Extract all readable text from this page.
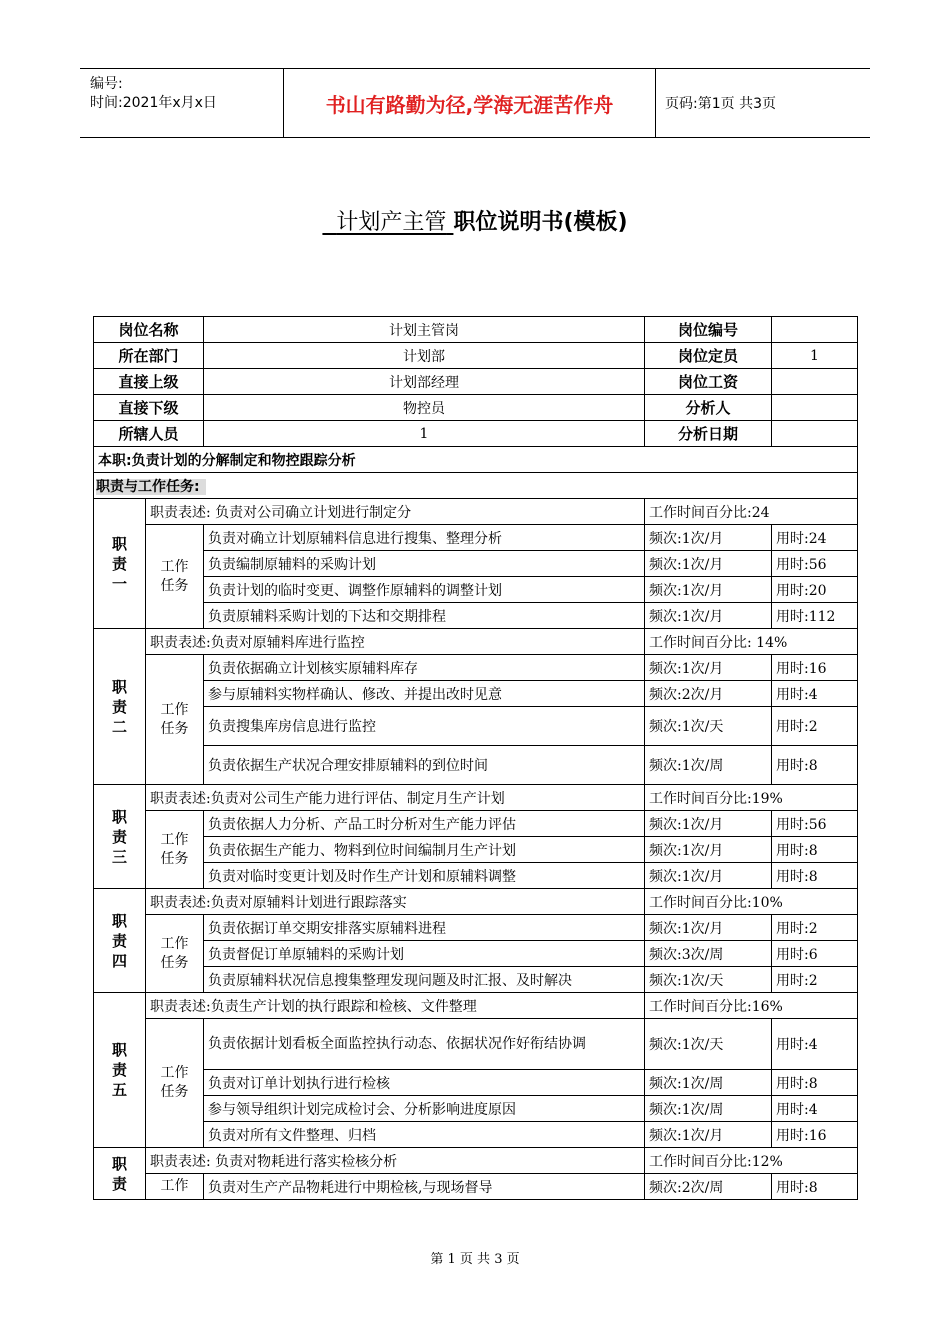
编号:
时间:2021年x月x日	书山有路勤为径,学海无涯苦作舟	页码:第1页 共3页
计划产主管 职位说明书(模板)
岗位名称		计划主管岗	岗位编号	
所在部门		计划部	岗位定员	1
直接上级		计划部经理	岗位工资	
直接下级		物控员	分析人	
所辖人员		1	分析日期	
本职:负责计划的分解制定和物控跟踪分析				
职责与工作任务:				

职
责
一	职责表述: 负责对公司确立计划进行制定分		工作时间百分比:24	

	工作
任务	负责对确立计划原辅料信息进行搜集、整理分析	频次:1次/月	用时:24
		负责编制原辅料的采购计划	频次:1次/月	用时:56
		负责计划的临时变更、调整作原辅料的调整计划	频次:1次/月	用时:20
		负责原辅料采购计划的下达和交期排程	频次:1次/月	用时:112

职
责
二	职责表述:负责对原辅料库进行监控		工作时间百分比: 14%	

	工作
任务	负责依据确立计划核实原辅料库存	频次:1次/月	用时:16
		参与原辅料实物样确认、修改、并提出改时见意	频次:2次/月	用时:4
		负责搜集库房信息进行监控	频次:1次/天	用时:2
		负责依据生产状况合理安排原辅料的到位时间	频次:1次/周	用时:8

职
责
三	职责表述:负责对公司生产能力进行评估、制定月生产计划		工作时间百分比:19%	

	工作
任务	负责依据人力分析、产品工时分析对生产能力评估	频次:1次/月	用时:56
		负责依据生产能力、物料到位时间编制月生产计划	频次:1次/月	用时:8
		负责对临时变更计划及时作生产计划和原辅料调整	频次:1次/月	用时:8

职
责
四	职责表述:负责对原辅料计划进行跟踪落实		工作时间百分比:10%	

	工作
任务	负责依据订单交期安排落实原辅料进程	频次:1次/月	用时:2
		负责督促订单原辅料的采购计划	频次:3次/周	用时:6
		负责原辅料状况信息搜集整理发现问题及时汇报、及时解决	频次:1次/天	用时:2

职
责
五	职责表述:负责生产计划的执行跟踪和检核、文件整理		工作时间百分比:16%	

	工作
任务	负责依据计划看板全面监控执行动态、依据状况作好衔结协调	频次:1次/天	用时:4
		负责对订单计划执行进行检核	频次:1次/周	用时:8
		参与领导组织计划完成检讨会、分析影响进度原因	频次:1次/周	用时:4
		负责对所有文件整理、归档	频次:1次/月	用时:16

职
责	职责表述: 负责对物耗进行落实检核分析		工作时间百分比:12%	

	工作	负责对生产产品物耗进行中期检核,与现场督导	频次:2次/周	用时:8
第 1 页 共 3 页
